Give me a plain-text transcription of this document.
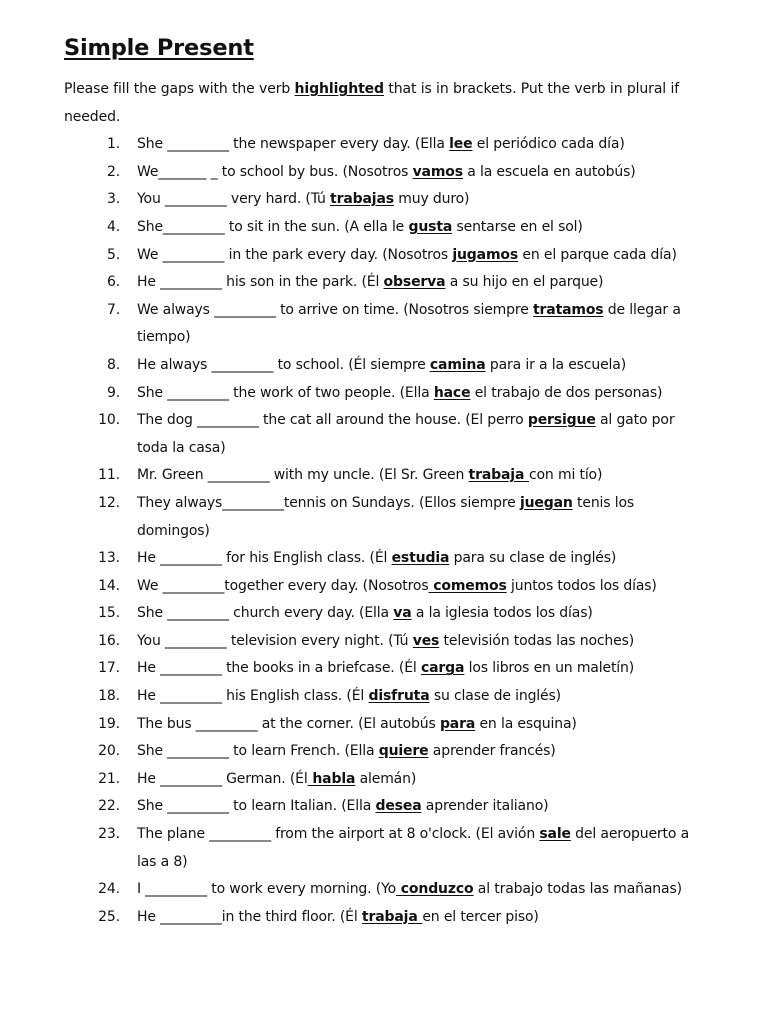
Simple Present

Please fill the gaps with the verb highlighted that is in brackets. Put the verb in plural if needed.

1. She _________ the newspaper every day. (Ella lee el periódico cada día)
2. We_______ _ to school by bus. (Nosotros vamos a la escuela en autobús)
3. You _________ very hard. (Tú trabajas muy duro)
4. She_________ to sit in the sun. (A ella le gusta sentarse en el sol)
5. We _________ in the park every day. (Nosotros jugamos en el parque cada día)
6. He _________ his son in the park. (Él observa a su hijo en el parque)
7. We always _________ to arrive on time. (Nosotros siempre tratamos de llegar a tiempo)
8. He always _________ to school. (Él siempre camina para ir a la escuela)
9. She _________ the work of two people. (Ella hace el trabajo de dos personas)
10. The dog _________ the cat all around the house. (El perro persigue al gato por toda la casa)
11. Mr. Green _________ with my uncle. (El Sr. Green trabaja con mi tío)
12. They always_________tennis on Sundays. (Ellos siempre juegan tenis los domingos)
13. He _________ for his English class. (Él estudia para su clase de inglés)
14. We _________together every day. (Nosotros comemos juntos todos los días)
15. She _________ church every day. (Ella va a la iglesia todos los días)
16. You _________ television every night. (Tú ves televisión todas las noches)
17. He _________ the books in a briefcase. (Él carga los libros en un maletín)
18. He _________ his English class. (Él disfruta su clase de inglés)
19. The bus _________ at the corner. (El autobús para en la esquina)
20. She _________ to learn French. (Ella quiere aprender francés)
21. He _________ German. (Él habla alemán)
22. She _________ to learn Italian. (Ella desea aprender italiano)
23. The plane _________ from the airport at 8 o'clock. (El avión sale del aeropuerto a las a 8)
24. I _________ to work every morning. (Yo conduzco al trabajo todas las mañanas)
25. He _________in the third floor. (Él trabaja en el tercer piso)
